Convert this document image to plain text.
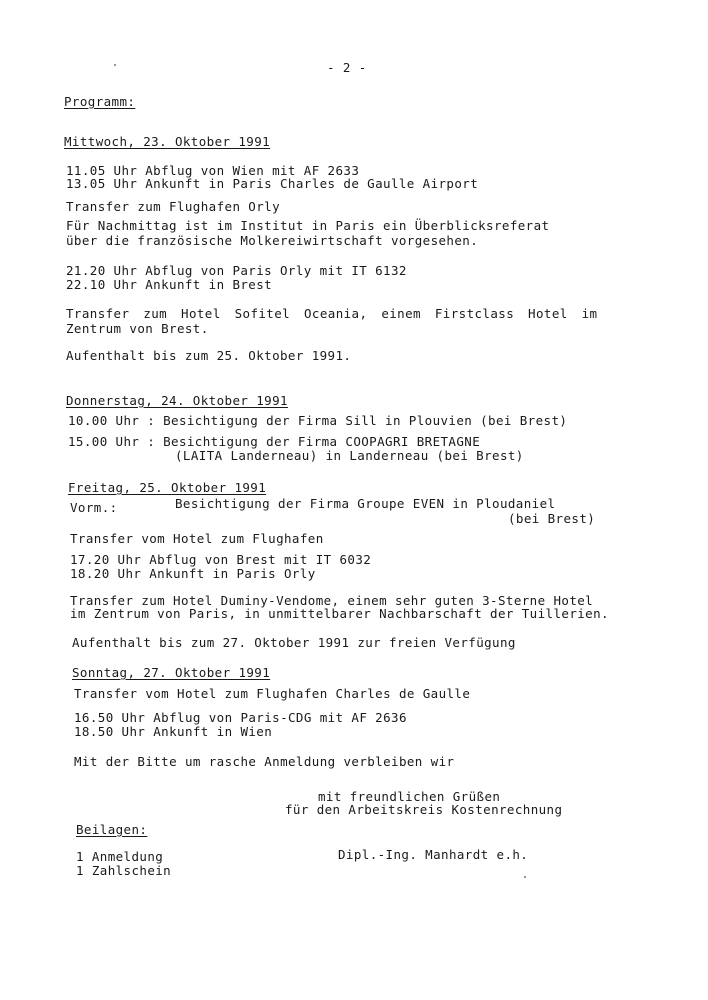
- 2 -
Programm:
Mittwoch, 23. Oktober 1991
11.05 Uhr Abflug von Wien mit AF 2633
13.05 Uhr Ankunft in Paris Charles de Gaulle Airport
Transfer zum Flughafen Orly
Für Nachmittag ist im Institut in Paris ein Überblicksreferat
über die französische Molkereiwirtschaft vorgesehen.
21.20 Uhr Abflug von Paris Orly mit IT 6132
22.10 Uhr Ankunft in Brest
Transfer zum Hotel Sofitel Oceania, einem Firstclass Hotel im
Zentrum von Brest.
Aufenthalt bis zum 25. Oktober 1991.
Donnerstag, 24. Oktober 1991
10.00 Uhr : Besichtigung der Firma Sill in Plouvien (bei Brest)
15.00 Uhr : Besichtigung der Firma COOPAGRI BRETAGNE
(LAITA Landerneau) in Landerneau (bei Brest)
Freitag, 25. Oktober 1991
Vorm.:	Besichtigung der Firma Groupe EVEN in Ploudaniel
(bei Brest)
Transfer vom Hotel zum Flughafen
17.20 Uhr Abflug von Brest mit IT 6032
18.20 Uhr Ankunft in Paris Orly
Transfer zum Hotel Duminy-Vendome, einem sehr guten 3-Sterne Hotel
im Zentrum von Paris, in unmittelbarer Nachbarschaft der Tuillerien.
Aufenthalt bis zum 27. Oktober 1991 zur freien Verfügung
Sonntag, 27. Oktober 1991
Transfer vom Hotel zum Flughafen Charles de Gaulle
16.50 Uhr Abflug von Paris-CDG mit AF 2636
18.50 Uhr Ankunft in Wien
Mit der Bitte um rasche Anmeldung verbleiben wir
mit freundlichen Grüßen
für den Arbeitskreis Kostenrechnung
Beilagen:
1 Anmeldung
1 Zahlschein
Dipl.-Ing. Manhardt e.h.
